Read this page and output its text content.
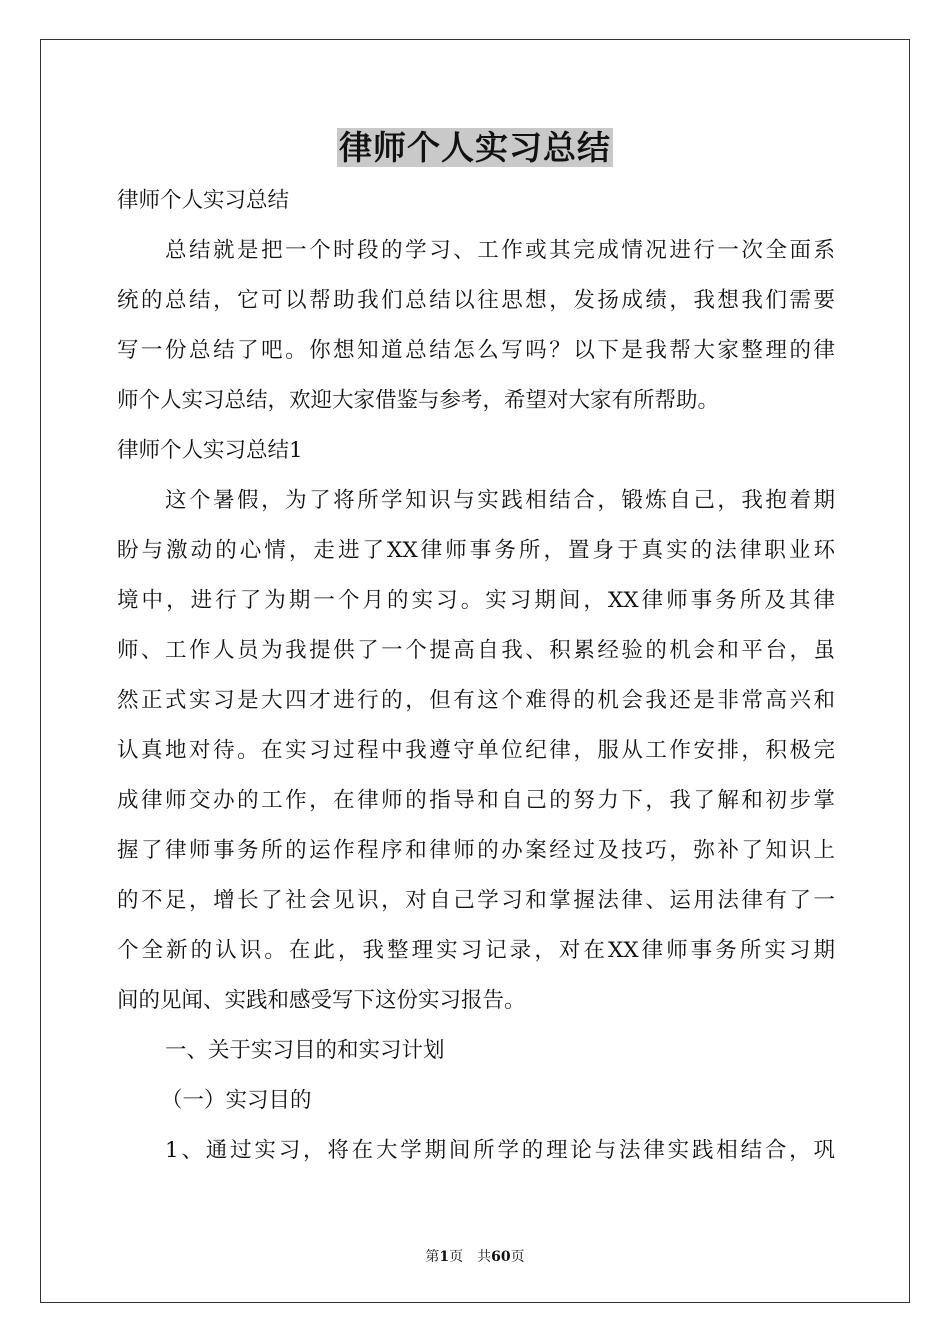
律师个人实习总结
律师个人实习总结
总结就是把一个时段的学习、工作或其完成情况进行一次全面系
统的总结，它可以帮助我们总结以往思想，发扬成绩，我想我们需要
写一份总结了吧。你想知道总结怎么写吗？以下是我帮大家整理的律
师个人实习总结，欢迎大家借鉴与参考，希望对大家有所帮助。
律师个人实习总结1
这个暑假，为了将所学知识与实践相结合，锻炼自己，我抱着期
盼与激动的心情，走进了XX律师事务所，置身于真实的法律职业环
境中，进行了为期一个月的实习。实习期间，XX律师事务所及其律
师、工作人员为我提供了一个提高自我、积累经验的机会和平台，虽
然正式实习是大四才进行的，但有这个难得的机会我还是非常高兴和
认真地对待。在实习过程中我遵守单位纪律，服从工作安排，积极完
成律师交办的工作，在律师的指导和自己的努力下，我了解和初步掌
握了律师事务所的运作程序和律师的办案经过及技巧，弥补了知识上
的不足，增长了社会见识，对自己学习和掌握法律、运用法律有了一
个全新的认识。在此，我整理实习记录，对在XX律师事务所实习期
间的见闻、实践和感受写下这份实习报告。
一、关于实习目的和实习计划
（一）实习目的
1、通过实习，将在大学期间所学的理论与法律实践相结合，巩
第1页　共60页
